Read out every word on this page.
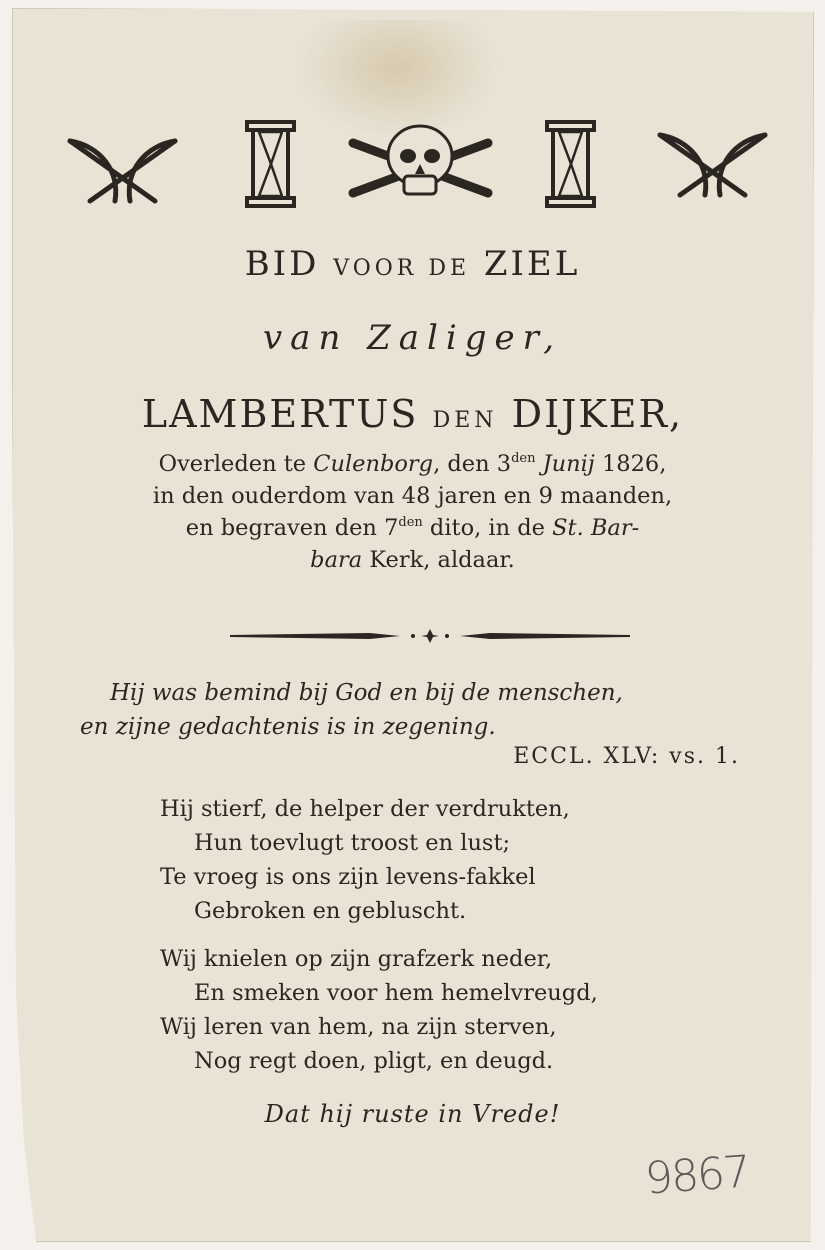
BID VOOR DE ZIEL
van Zaliger,
LAMBERTUS DEN DIJKER,
Overleden te Culenborg, den $3^{den}$ Junij 1826,
in den ouderdom van 48 jaren en 9 maanden,
en begraven den $7^{den}$ dito, in de St. Bar-
bara Kerk, aldaar.
Hij was bemind bij God en bij de menschen,
en zijne gedachtenis is in zegening.
ECCL. XLV: vs. 1.
Hij stierf, de helper der verdrukten,
Hun toevlugt troost en lust;
Te vroeg is ons zijn levens-fakkel
Gebroken en gebluscht.
Wij knielen op zijn grafzerk neder,
En smeken voor hem hemelvreugd,
Wij leren van hem, na zijn sterven,
Nog regt doen, pligt, en deugd.
Dat hij ruste in Vrede!
9867
